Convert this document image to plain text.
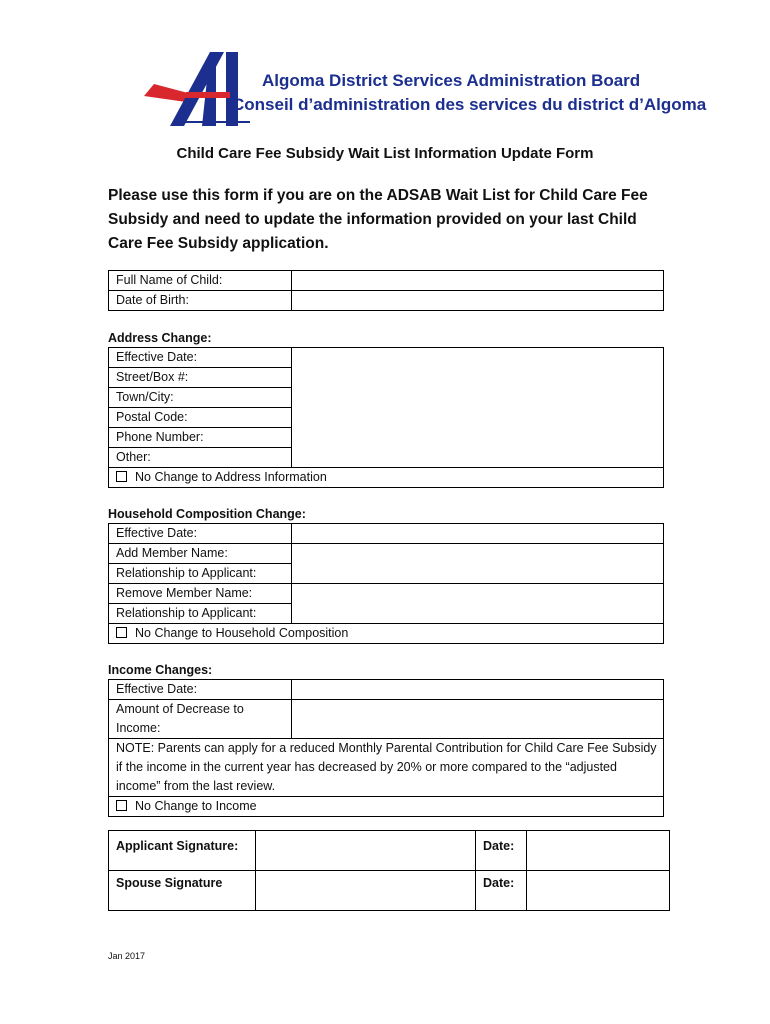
Algoma District Services Administration Board
Conseil d’administration des services du district d’Algoma
Child Care Fee Subsidy Wait List Information Update Form
Please use this form if you are on the ADSAB Wait List for Child Care Fee Subsidy and need to update the information provided on your last Child Care Fee Subsidy application.
Full Name of Child:	
Date of Birth:	
Address Change:
Effective Date:	
Street/Box #:
Town/City:
Postal Code:
Phone Number:
Other:
No Change to Address Information
Household Composition Change:
Effective Date:	
Add Member Name:	
Relationship to Applicant:	
Remove Member Name:	
Relationship to Applicant:	
No Change to Household Composition	
Income Changes:
Effective Date:	
Amount of Decrease to Income:	
NOTE: Parents can apply for a reduced Monthly Parental Contribution for Child Care Fee Subsidy if the income in the current year has decreased by 20% or more compared to the “adjusted income” from the last review.	
No Change to Income	
Applicant Signature:		Date:	
Spouse Signature		Date:	
Jan 2017
